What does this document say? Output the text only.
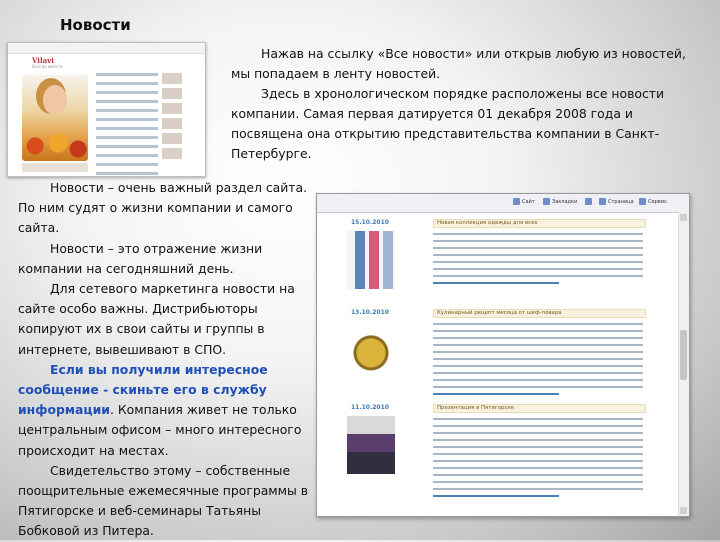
Новости
Vilavi
Всегда вместе

Нажав на ссылку «Все новости» или открыв любую из новостей, мы попадаем в ленту новостей.

Здесь в хронологическом порядке расположены все новости компании. Самая первая датируется 01 декабря 2008 года и посвящена она открытию представительства компании в Санкт-Петербурге.

Новости – очень важный раздел сайта. По ним судят о жизни компании и самого сайта.

Новости – это отражение жизни компании на сегодняшний день.

Для сетевого маркетинга новости на сайте особо важны. Дистрибьюторы копируют их в свои сайты и группы в интернете, вывешивают в СПО.

Если вы получили интересное сообщение - скиньте его в службу информации. Компания живет не только центральным офисом – много интересного происходит на местах.

Свидетельство этому – собственные поощрительные ежемесячные программы в Пятигорске и веб-семинары Татьяны Бобковой из Питера.

Сайт	Закладки	Страница	Сервис
15.10.2010	Новая коллекция одежды для всех
13.10.2010	Кулинарный рецепт месяца от шеф-повара
11.10.2010	Презентация в Пятигорске
